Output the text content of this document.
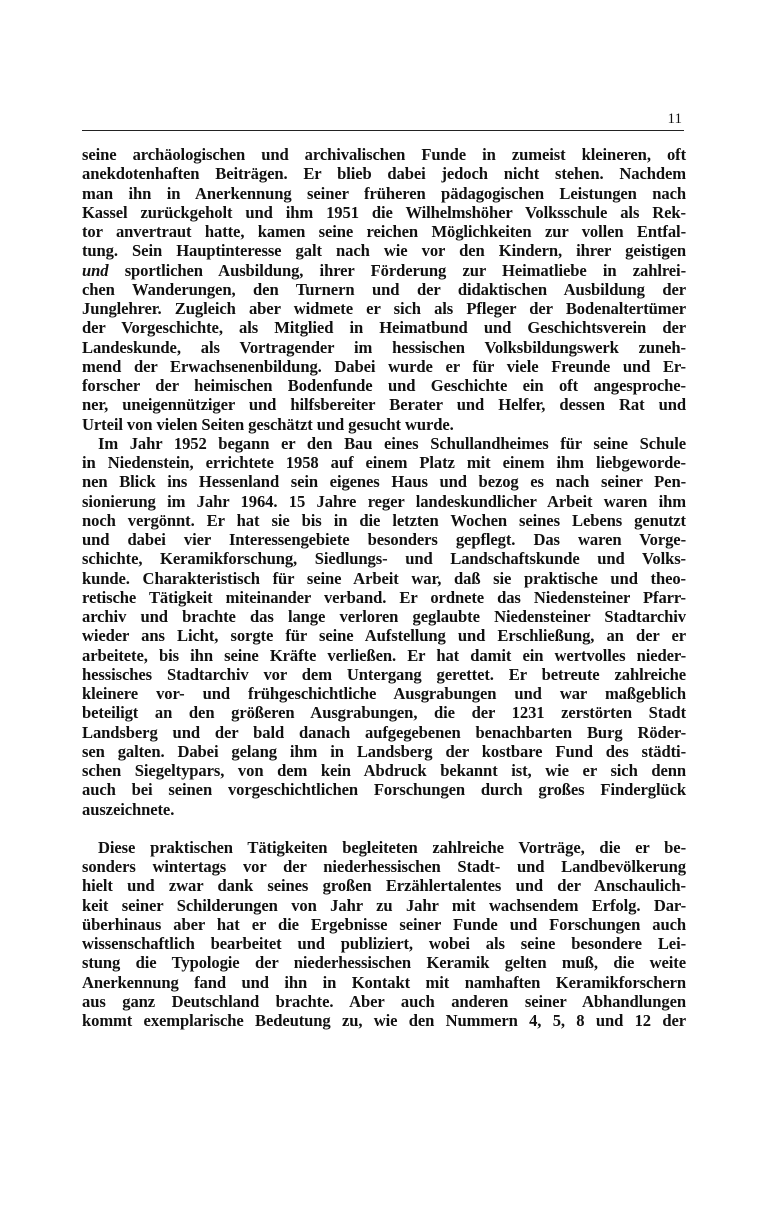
11

seine archäologischen und archivalischen Funde in zumeist kleineren, oft
anekdotenhaften Beiträgen. Er blieb dabei jedoch nicht stehen. Nachdem
man ihn in Anerkennung seiner früheren pädagogischen Leistungen nach
Kassel zurückgeholt und ihm 1951 die Wilhelmshöher Volksschule als Rek-
tor anvertraut hatte, kamen seine reichen Möglichkeiten zur vollen Entfal-
tung. Sein Hauptinteresse galt nach wie vor den Kindern, ihrer geistigen
und sportlichen Ausbildung, ihrer Förderung zur Heimatliebe in zahlrei-
chen Wanderungen, den Turnern und der didaktischen Ausbildung der
Junglehrer. Zugleich aber widmete er sich als Pfleger der Bodenaltertümer
der Vorgeschichte, als Mitglied in Heimatbund und Geschichtsverein der
Landeskunde, als Vortragender im hessischen Volksbildungswerk zuneh-
mend der Erwachsenenbildung. Dabei wurde er für viele Freunde und Er-
forscher der heimischen Bodenfunde und Geschichte ein oft angesproche-
ner, uneigennütziger und hilfsbereiter Berater und Helfer, dessen Rat und
Urteil von vielen Seiten geschätzt und gesucht wurde.

Im Jahr 1952 begann er den Bau eines Schullandheimes für seine Schule
in Niedenstein, errichtete 1958 auf einem Platz mit einem ihm liebgeworde-
nen Blick ins Hessenland sein eigenes Haus und bezog es nach seiner Pen-
sionierung im Jahr 1964. 15 Jahre reger landeskundlicher Arbeit waren ihm
noch vergönnt. Er hat sie bis in die letzten Wochen seines Lebens genutzt
und dabei vier Interessengebiete besonders gepflegt. Das waren Vorge-
schichte, Keramikforschung, Siedlungs- und Landschaftskunde und Volks-
kunde. Charakteristisch für seine Arbeit war, daß sie praktische und theo-
retische Tätigkeit miteinander verband. Er ordnete das Niedensteiner Pfarr-
archiv und brachte das lange verloren geglaubte Niedensteiner Stadtarchiv
wieder ans Licht, sorgte für seine Aufstellung und Erschließung, an der er
arbeitete, bis ihn seine Kräfte verließen. Er hat damit ein wertvolles nieder-
hessisches Stadtarchiv vor dem Untergang gerettet. Er betreute zahlreiche
kleinere vor- und frühgeschichtliche Ausgrabungen und war maßgeblich
beteiligt an den größeren Ausgrabungen, die der 1231 zerstörten Stadt
Landsberg und der bald danach aufgegebenen benachbarten Burg Röder-
sen galten. Dabei gelang ihm in Landsberg der kostbare Fund des städti-
schen Siegeltypars, von dem kein Abdruck bekannt ist, wie er sich denn
auch bei seinen vorgeschichtlichen Forschungen durch großes Finderglück
auszeichnete.

Diese praktischen Tätigkeiten begleiteten zahlreiche Vorträge, die er be-
sonders wintertags vor der niederhessischen Stadt- und Landbevölkerung
hielt und zwar dank seines großen Erzählertalentes und der Anschaulich-
keit seiner Schilderungen von Jahr zu Jahr mit wachsendem Erfolg. Dar-
überhinaus aber hat er die Ergebnisse seiner Funde und Forschungen auch
wissenschaftlich bearbeitet und publiziert, wobei als seine besondere Lei-
stung die Typologie der niederhessischen Keramik gelten muß, die weite
Anerkennung fand und ihn in Kontakt mit namhaften Keramikforschern
aus ganz Deutschland brachte. Aber auch anderen seiner Abhandlungen
kommt exemplarische Bedeutung zu, wie den Nummern 4, 5, 8 und 12 der
